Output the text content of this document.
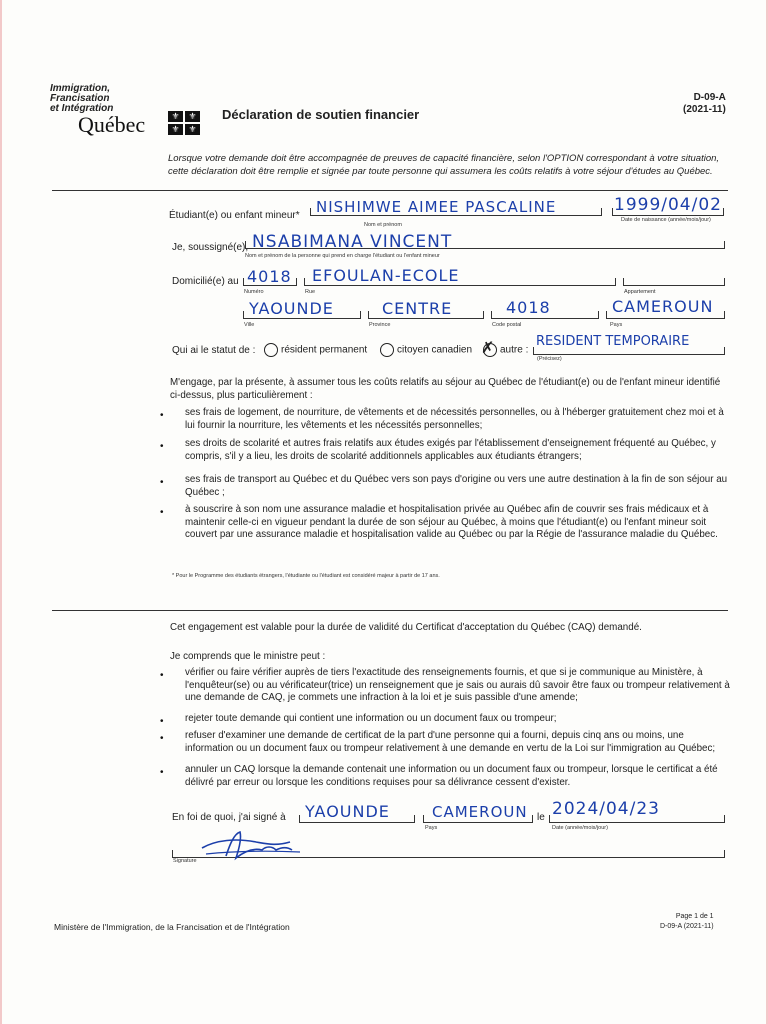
Immigration,
Francisation
et Intégration
Québec	⚜ ⚜
⚜ ⚜
Déclaration de soutien financier
D-09-A
(2021-11)
Lorsque votre demande doit être accompagnée de preuves de capacité financière, selon l'OPTION correspondant à votre situation, cette déclaration doit être remplie et signée par toute personne qui assumera les coûts relatifs à votre séjour d'études au Québec.
Étudiant(e) ou enfant mineur* NISHIMWE AIMEE PASCALINE
Nom et prénom
1999/04/02
Date de naissance (année/mois/jour)
Je, soussigné(e), NSABIMANA VINCENT
Nom et prénom de la personne qui prend en charge l'étudiant ou l'enfant mineur
Domicilié(e) au 4018
Numéro
EFOULAN-ECOLE
Rue	Appartement
YAOUNDE
Ville
CENTRE
Province
4018
Code postal
CAMEROUN
Pays
Qui ai le statut de :	résident permanent	citoyen canadien ✗ autre :
RESIDENT TEMPORAIRE
(Précisez)
M'engage, par la présente, à assumer tous les coûts relatifs au séjour au Québec de l'étudiant(e) ou de l'enfant mineur identifié ci-dessus, plus particulièrement :
• ses frais de logement, de nourriture, de vêtements et de nécessités personnelles, ou à l'héberger gratuitement chez moi et à lui fournir la nourriture, les vêtements et les nécessités personnelles;
• ses droits de scolarité et autres frais relatifs aux études exigés par l'établissement d'enseignement fréquenté au Québec, y compris, s'il y a lieu, les droits de scolarité additionnels applicables aux étudiants étrangers;
• ses frais de transport au Québec et du Québec vers son pays d'origine ou vers une autre destination à la fin de son séjour au Québec ;
• à souscrire à son nom une assurance maladie et hospitalisation privée au Québec afin de couvrir ses frais médicaux et à maintenir celle-ci en vigueur pendant la durée de son séjour au Québec, à moins que l'étudiant(e) ou l'enfant mineur soit couvert par une assurance maladie et hospitalisation valide au Québec ou par la Régie de l'assurance maladie du Québec.
* Pour le Programme des étudiants étrangers, l'étudiante ou l'étudiant est considéré majeur à partir de 17 ans.
Cet engagement est valable pour la durée de validité du Certificat d'acceptation du Québec (CAQ) demandé.
Je comprends que le ministre peut :
• vérifier ou faire vérifier auprès de tiers l'exactitude des renseignements fournis, et que si je communique au Ministère, à l'enquêteur(se) ou au vérificateur(trice) un renseignement que je sais ou aurais dû savoir être faux ou trompeur relativement à une demande de CAQ, je commets une infraction à la loi et je suis passible d'une amende;
• rejeter toute demande qui contient une information ou un document faux ou trompeur;
• refuser d'examiner une demande de certificat de la part d'une personne qui a fourni, depuis cinq ans ou moins, une information ou un document faux ou trompeur relativement à une demande en vertu de la Loi sur l'immigration au Québec;
• annuler un CAQ lorsque la demande contenait une information ou un document faux ou trompeur, lorsque le certificat a été délivré par erreur ou lorsque les conditions requises pour sa délivrance cessent d'exister.
En foi de quoi, j'ai signé à YAOUNDE	CAMEROUN
Pays
le 2024/04/23
Date (année/mois/jour)
Signature
Ministère de l'Immigration, de la Francisation et de l'Intégration
Page 1 de 1
D-09-A (2021-11)
